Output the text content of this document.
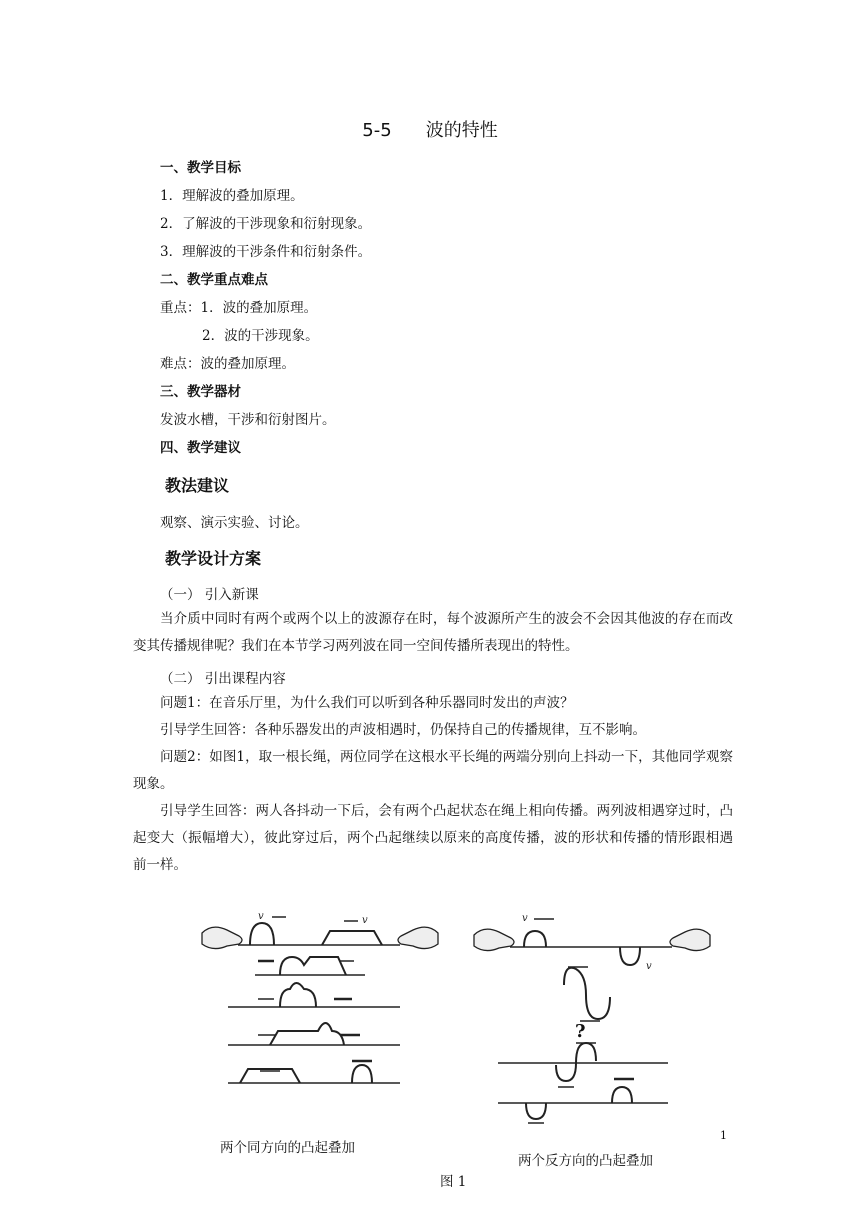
5-5 波的特性
一、教学目标
1．理解波的叠加原理。
2．了解波的干涉现象和衍射现象。
3．理解波的干涉条件和衍射条件。
二、教学重点难点
重点：1．波的叠加原理。
2．波的干涉现象。
难点：波的叠加原理。
三、教学器材
发波水槽，干涉和衍射图片。
四、教学建议
教法建议
观察、演示实验、讨论。
教学设计方案
（一） 引入新课
当介质中同时有两个或两个以上的波源存在时，每个波源所产生的波会不会因其他波的存在而改变其传播规律呢？我们在本节学习两列波在同一空间传播所表现出的特性。
（二） 引出课程内容
问题1：在音乐厅里，为什么我们可以听到各种乐器同时发出的声波？
引导学生回答：各种乐器发出的声波相遇时，仍保持自己的传播规律，互不影响。
问题2：如图1，取一根长绳，两位同学在这根水平长绳的两端分别向上抖动一下，其他同学观察现象。
引导学生回答：两人各抖动一下后，会有两个凸起状态在绳上相向传播。两列波相遇穿过时，凸起变大（振幅增大），彼此穿过后，两个凸起继续以原来的高度传播，波的形状和传播的情形跟相遇前一样。
v	v	v
v
?
两个同方向的凸起叠加
两个反方向的凸起叠加
1
图 1
